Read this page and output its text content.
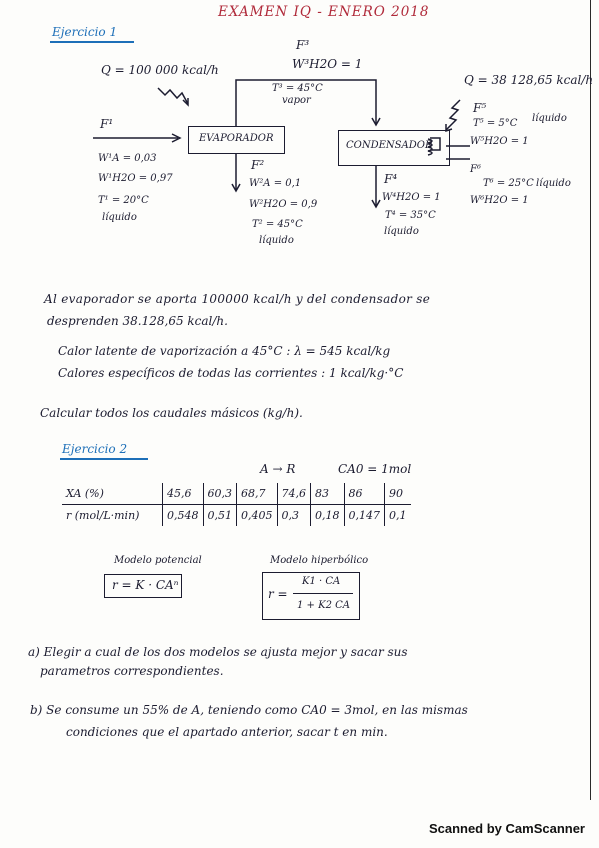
EXAMEN IQ - ENERO 2018
Ejercicio 1
Q = 100 000 kcal/h
F³
W³H2O = 1
T³ = 45°C
vapor
Q = 38 128,65 kcal/h
EVAPORADOR
CONDENSADOR
F¹
W¹A = 0,03
W¹H2O = 0,97
T¹ = 20°C
líquido
F⁵
T⁵ = 5°C líquido
W⁵H2O = 1
F⁶
T⁶ = 25°C líquido
W⁶H2O = 1
F²
W²A = 0,1
W²H2O = 0,9
T² = 45°C
líquido
F⁴
W⁴H2O = 1
T⁴ = 35°C
líquido
Al evaporador se aporta 100000 kcal/h y del condensador se
desprenden 38.128,65 kcal/h.
Calor latente de vaporización a 45°C : λ = 545 kcal/kg
Calores específicos de todas las corrientes : 1 kcal/kg·°C
Calcular todos los caudales másicos (kg/h).
Ejercicio 2
A → R	CA0 = 1mol
XA (%)	45,6	60,3	68,7	74,6	83	86	90
r (mol/L·min)	0,548	0,51	0,405	0,3	0,18	0,147	0,1
Modelo potencial
r = K · CAⁿ
Modelo hiperbólico
r =
K1 · CA
1 + K2 CA
a) Elegir a cual de los dos modelos se ajusta mejor y sacar sus
parametros correspondientes.
b) Se consume un 55% de A, teniendo como CA0 = 3mol, en las mismas
condiciones que el apartado anterior, sacar t en min.
Scanned by CamScanner
